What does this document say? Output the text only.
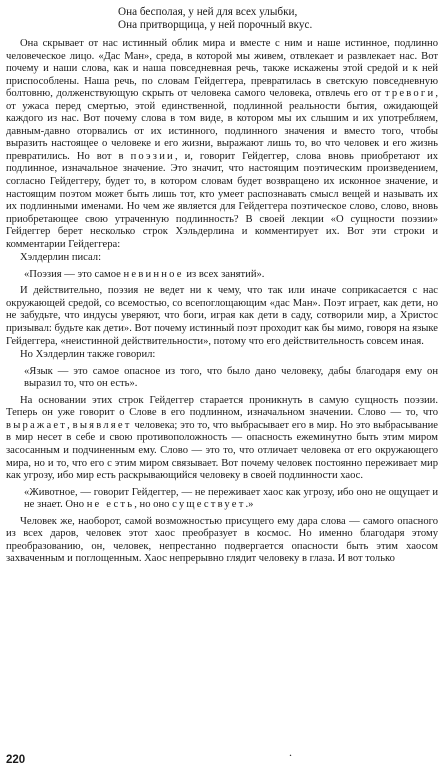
Она бесполая, у ней для всех улыбки,
Она притворщица, у ней порочный вкус.

Она скрывает от нас истинный облик мира и вместе с ним и наше истинное, подлинно человеческое лицо. «Дас Ман», среда, в которой мы живем, отвлекает и развлекает нас. Вот почему и наши слова, как и наша повседневная речь, также искажены этой средой и к ней приспособлены. Наша речь, по словам Гейдеггера, превратилась в светскую повседневную болтовню, долженствующую скрыть от человека самого человека, отвлечь его от тревоги, от ужаса перед смертью, этой единственной, подлинной реальности бытия, ожидающей каждого из нас. Вот почему слова в том виде, в котором мы их слышим и их употребляем, давным-давно оторвались от их истинного, подлинного значения и вместо того, чтобы выразить настоящее о человеке и его жизни, выражают лишь то, во что человек и его жизнь превратились. Но вот в поэзии, и, говорит Гейдеггер, слова вновь приобретают их подлинное, изначальное значение. Это значит, что настоящим поэтическим произведением, согласно Гейдеггеру, будет то, в котором словам будет возвращено их исконное значение, и настоящим поэтом может быть лишь тот, кто умеет распознавать смысл вещей и называть их их подлинными именами. Но чем же является для Гейдеггера поэтическое слово, слово, вновь приобретающее свою утраченную подлинность? В своей лекции «О сущности поэзии» Гейдеггер берет несколько строк Хэльдерлина и комментирует их. Вот эти строки и комментарии Гейдеггера:

Хэлдерлин писал:

«Поэзия — это самое невинное из всех занятий».

И действительно, поэзия не ведет ни к чему, что так или иначе соприкасается с нас окружающей средой, со всемостью, со всепоглощающим «дас Ман». Поэт играет, как дети, но не забудьте, что индусы уверяют, что боги, играя как дети в саду, сотворили мир, а Христос призывал: будьте как дети». Вот почему истинный поэт проходит как бы мимо, говоря на языке Гейдеггера, «неистинной действительности», потому что его действительность совсем иная.

Но Хэлдерлин также говорил:

«Язык — это самое опасное из того, что было дано человеку, дабы благодаря ему он выразил то, что он есть».

На основании этих строк Гейдеггер старается проникнуть в самую сущность поэзии. Теперь он уже говорит о Слове в его подлинном, изначальном значении. Слово — то, что выражает, выявляет человека; это то, что выбрасывает его в мир. Но это выбрасывание в мир несет в себе и свою противоположность — опасность ежеминутно быть этим миром засосанным и подчиненным ему. Слово — это то, что отличает человека от его окружающего мира, но и то, что его с этим миром связывает. Вот почему человек постоянно переживает мир как угрозу, ибо мир есть раскрывающийся человеку в своей подлинности хаос.

«Животное, — говорит Гейдеггер, — не переживает хаос как угрозу, ибо оно не ощущает и не знает. Оно не есть, но оно существует.»

Человек же, наоборот, самой возможностью присущего ему дара слова — самого опасного из всех даров, человек этот хаос преобразует в космос. Но именно благодаря этому преобразованию, он, человек, непрестанно подвергается опасности быть этим хаосом захваченным и поглощенным. Хаос непрерывно глядит человеку в глаза. И вот только

.
220
